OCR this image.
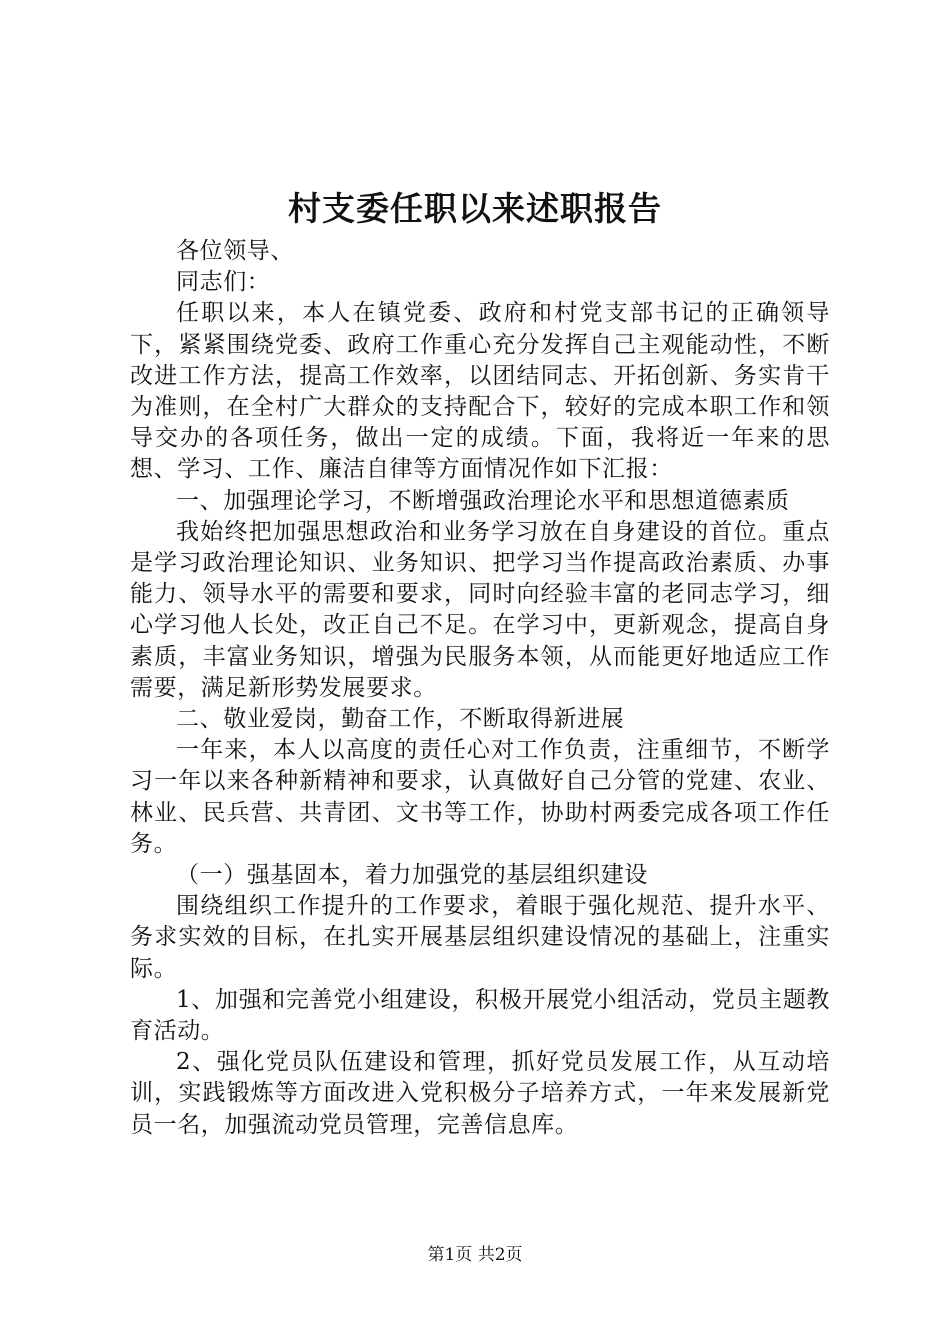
村支委任职以来述职报告

各位领导、

同志们：

任职以来，本人在镇党委、政府和村党支部书记的正确领导下，紧紧围绕党委、政府工作重心充分发挥自己主观能动性，不断改进工作方法，提高工作效率，以团结同志、开拓创新、务实肯干为准则，在全村广大群众的支持配合下，较好的完成本职工作和领导交办的各项任务，做出一定的成绩。下面，我将近一年来的思想、学习、工作、廉洁自律等方面情况作如下汇报：

一、加强理论学习，不断增强政治理论水平和思想道德素质

我始终把加强思想政治和业务学习放在自身建设的首位。重点是学习政治理论知识、业务知识、把学习当作提高政治素质、办事能力、领导水平的需要和要求，同时向经验丰富的老同志学习，细心学习他人长处，改正自己不足。在学习中，更新观念，提高自身素质，丰富业务知识，增强为民服务本领，从而能更好地适应工作需要，满足新形势发展要求。

二、敬业爱岗，勤奋工作，不断取得新进展

一年来，本人以高度的责任心对工作负责，注重细节，不断学习一年以来各种新精神和要求，认真做好自己分管的党建、农业、林业、民兵营、共青团、文书等工作，协助村两委完成各项工作任务。

（一）强基固本，着力加强党的基层组织建设

围绕组织工作提升的工作要求，着眼于强化规范、提升水平、务求实效的目标，在扎实开展基层组织建设情况的基础上，注重实际。

1、加强和完善党小组建设，积极开展党小组活动，党员主题教育活动。

2、强化党员队伍建设和管理，抓好党员发展工作，从互动培训，实践锻炼等方面改进入党积极分子培养方式，一年来发展新党员一名，加强流动党员管理，完善信息库。

第1页 共2页
